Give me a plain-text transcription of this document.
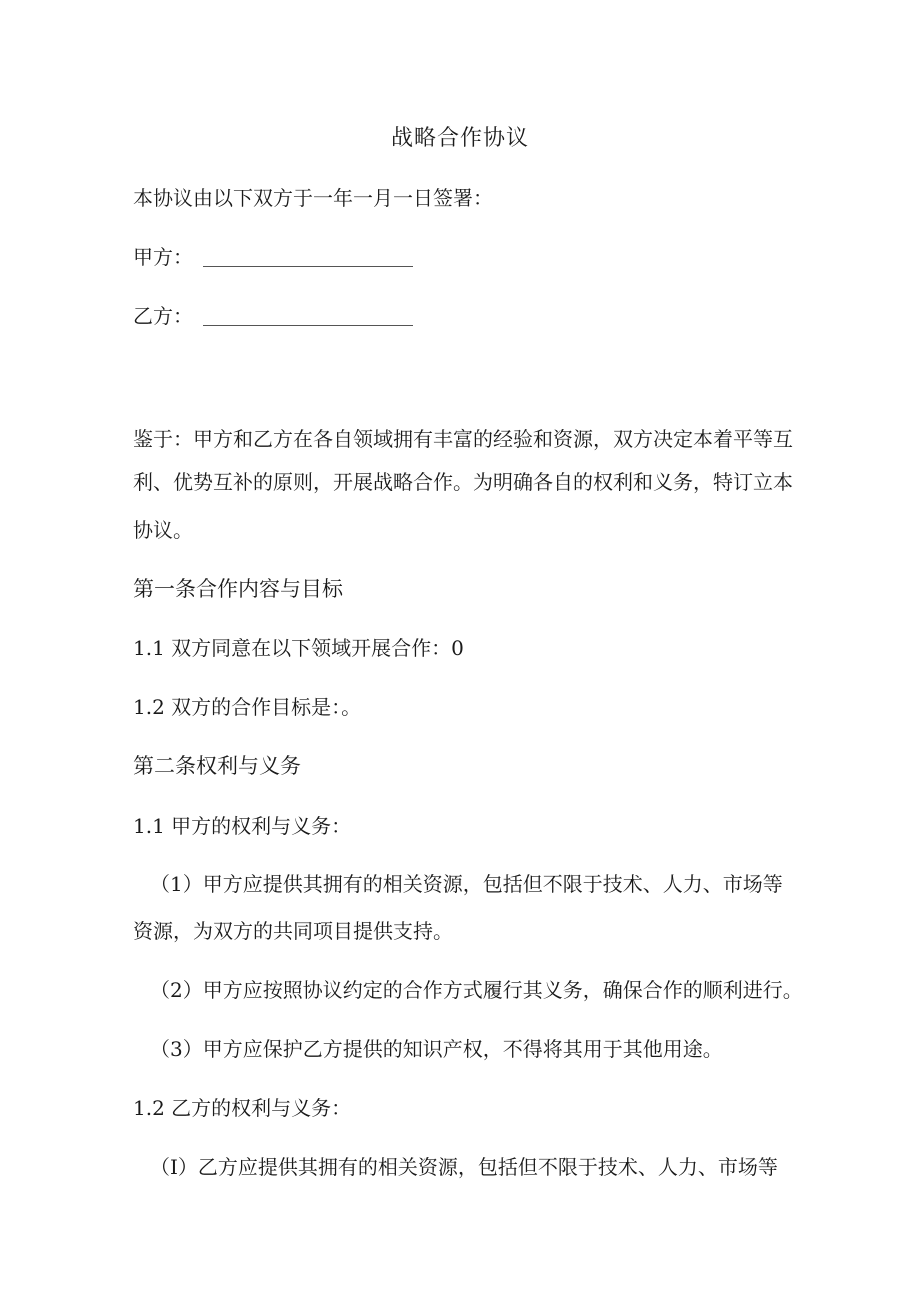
战略合作协议
本协议由以下双方于一年一月一日签署：
甲方：
乙方：
鉴于：甲方和乙方在各自领域拥有丰富的经验和资源，双方决定本着平等互
利、优势互补的原则，开展战略合作。为明确各自的权利和义务，特订立本
协议。
第一条合作内容与目标
1.1 双方同意在以下领域开展合作：0
1.2 双方的合作目标是：。
第二条权利与义务
1.1 甲方的权利与义务：
（1）甲方应提供其拥有的相关资源，包括但不限于技术、人力、市场等
资源，为双方的共同项目提供支持。
（2）甲方应按照协议约定的合作方式履行其义务，确保合作的顺利进行。
（3）甲方应保护乙方提供的知识产权，不得将其用于其他用途。
1.2 乙方的权利与义务：
（I）乙方应提供其拥有的相关资源，包括但不限于技术、人力、市场等
